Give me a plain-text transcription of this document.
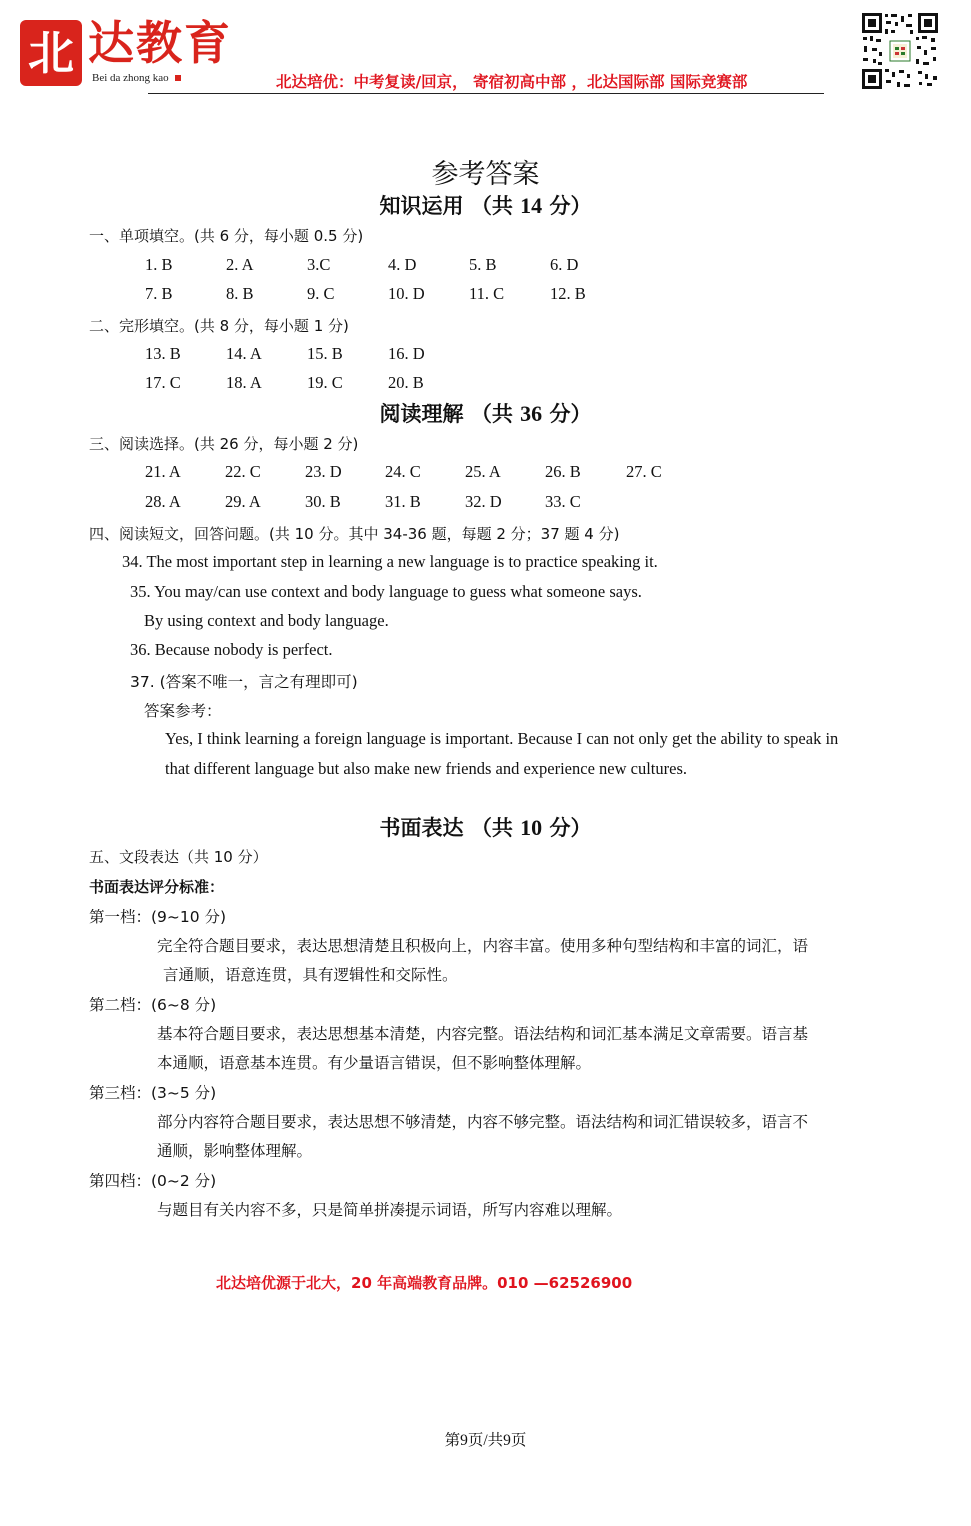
北 达教育
Bei da zhong kao	北达培优：中考复读/回京， 寄宿初高中部 ，北达国际部 国际竞赛部
参考答案
知识运用 （共 14 分）
一、单项填空。(共 6 分，每小题 0.5 分)
1. B	2. A	3.C	4. D	5. B	6. D
7. B	8. B	9. C	10. D	11. C	12. B
二、完形填空。(共 8 分，每小题 1 分)
13. B	14. A	15. B	16. D
17. C	18. A	19. C	20. B
阅读理解 （共 36 分）
三、阅读选择。(共 26 分，每小题 2 分)
21. A	22. C	23. D	24. C	25. A	26. B	27. C
28. A	29. A	30. B	31. B	32. D	33. C
四、阅读短文，回答问题。(共 10 分。其中 34-36 题，每题 2 分；37 题 4 分)
34. The most important step in learning a new language is to practice speaking it.
35. You may/can use context and body language to guess what someone says.
By using context and body language.
36. Because nobody is perfect.
37. (答案不唯一，言之有理即可)
答案参考：
Yes, I think learning a foreign language is important. Because I can not only get the ability to speak in
that different language but also make new friends and experience new cultures.
书面表达 （共 10 分）
五、文段表达（共 10 分）
书面表达评分标准：
第一档：(9~10 分)
完全符合题目要求，表达思想清楚且积极向上，内容丰富。使用多种句型结构和丰富的词汇，语
言通顺，语意连贯，具有逻辑性和交际性。
第二档：(6~8 分)
基本符合题目要求，表达思想基本清楚，内容完整。语法结构和词汇基本满足文章需要。语言基
本通顺，语意基本连贯。有少量语言错误，但不影响整体理解。
第三档：(3~5 分)
部分内容符合题目要求，表达思想不够清楚，内容不够完整。语法结构和词汇错误较多，语言不
通顺，影响整体理解。
第四档：(0~2 分)
与题目有关内容不多，只是简单拼凑提示词语，所写内容难以理解。
北达培优源于北大，20 年高端教育品牌。010 —62526900
第9页/共9页
